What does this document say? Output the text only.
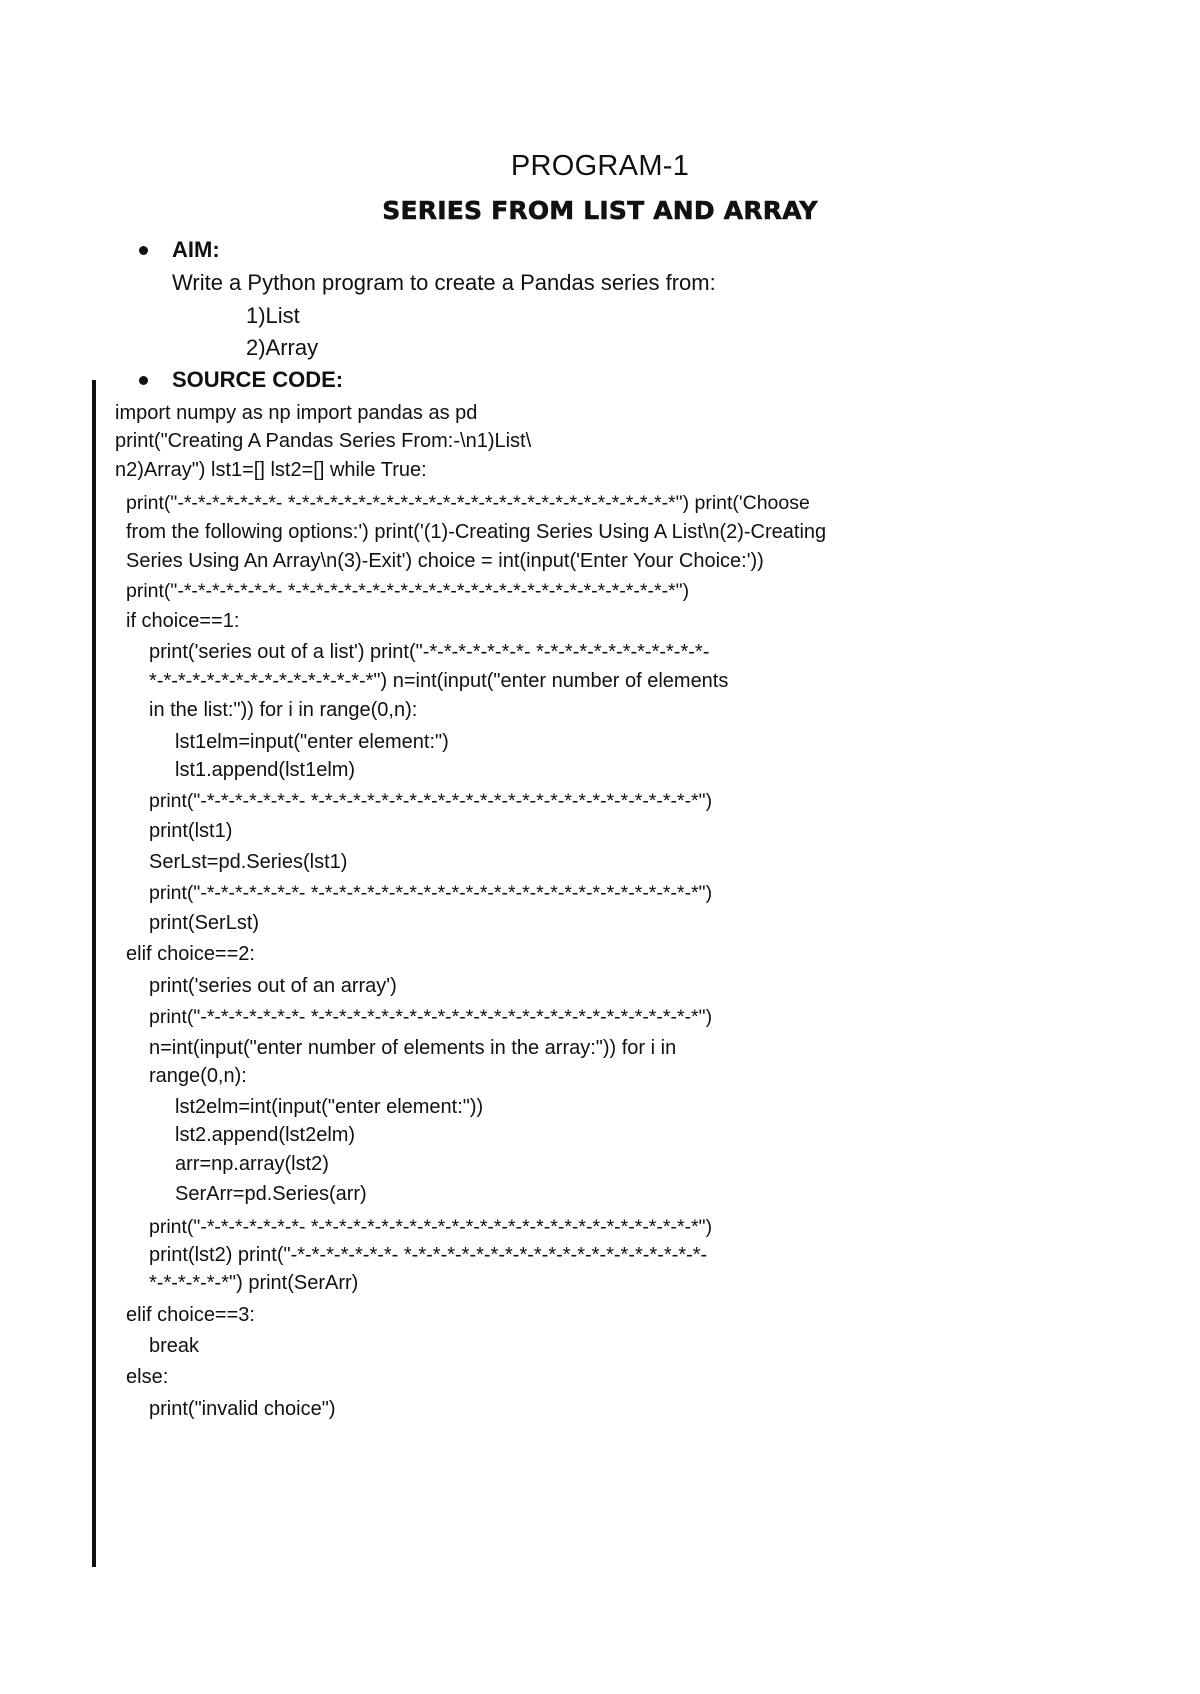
PROGRAM-1
SERIES FROM LIST AND ARRAY
AIM:
Write a Python program to create a Pandas series from:
1)List
2)Array
SOURCE CODE:
import numpy as np import pandas as pd
print("Creating A Pandas Series From:-\n1)List\
n2)Array") lst1=[] lst2=[] while True:
print("-*-*-*-*-*-*-*- *-*-*-*-*-*-*-*-*-*-*-*-*-*-*-*-*-*-*-*-*-*-*-*-*-*-*-*") print('Choose
from the following options:') print('(1)-Creating Series Using A List\n(2)-Creating
Series Using An Array\n(3)-Exit') choice = int(input('Enter Your Choice:'))
print("-*-*-*-*-*-*-*- *-*-*-*-*-*-*-*-*-*-*-*-*-*-*-*-*-*-*-*-*-*-*-*-*-*-*-*")
if choice==1:
print('series out of a list') print("-*-*-*-*-*-*-*- *-*-*-*-*-*-*-*-*-*-*-*-
*-*-*-*-*-*-*-*-*-*-*-*-*-*-*-*") n=int(input("enter number of elements
in the list:")) for i in range(0,n):
lst1elm=input("enter element:")
lst1.append(lst1elm)
print("-*-*-*-*-*-*-*- *-*-*-*-*-*-*-*-*-*-*-*-*-*-*-*-*-*-*-*-*-*-*-*-*-*-*-*")
print(lst1)
SerLst=pd.Series(lst1)
print("-*-*-*-*-*-*-*- *-*-*-*-*-*-*-*-*-*-*-*-*-*-*-*-*-*-*-*-*-*-*-*-*-*-*-*")
print(SerLst)
elif choice==2:
print('series out of an array')
print("-*-*-*-*-*-*-*- *-*-*-*-*-*-*-*-*-*-*-*-*-*-*-*-*-*-*-*-*-*-*-*-*-*-*-*")
n=int(input("enter number of elements in the array:")) for i in
range(0,n):
lst2elm=int(input("enter element:"))
lst2.append(lst2elm)
arr=np.array(lst2)
SerArr=pd.Series(arr)
print("-*-*-*-*-*-*-*- *-*-*-*-*-*-*-*-*-*-*-*-*-*-*-*-*-*-*-*-*-*-*-*-*-*-*-*")
print(lst2) print("-*-*-*-*-*-*-*- *-*-*-*-*-*-*-*-*-*-*-*-*-*-*-*-*-*-*-*-*-
*-*-*-*-*-*") print(SerArr)
elif choice==3:
break
else:
print("invalid choice")
